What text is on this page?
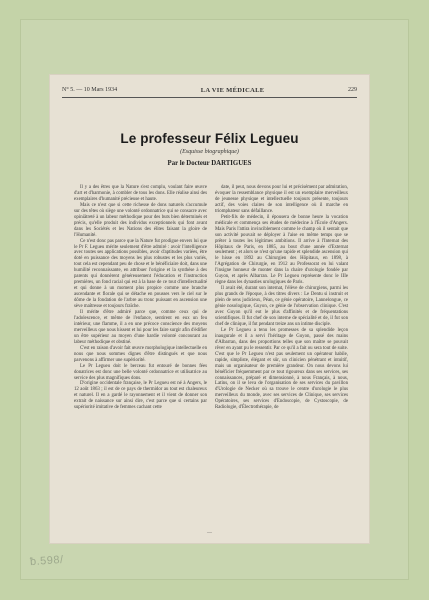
N° 5. — 10 Mars 1934	LA VIE MÉDICALE	229
Le professeur Félix Legueu
(Esquisse biographique)
Par le Docteur DARTIGUES

Il y a des êtres que la Nature s'est complu, voulant faire œuvre d'art et d'harmonie, à combler de tous les dons. Elle réalise ainsi des exemplaires d'humanité précieuse et haute.

Mais ce n'est que si cette richesse de dons naturels s'accumule sur des têtes où siège une volonté ordonnatrice qui se consacre avec opiniâtreté à un labeur méthodique pour des buts bien déterminés et précis, qu'elle produit des individus exceptionnels qui font avant dans les Sociétés et les Nations des élites faisant la gloire de l'Humanité.

Ce n'est donc pas parce que la Nature fut prodigue envers lui que le Pr F. Legueu mérite seulement d'être admiré : avoir l'intelligence avec toutes ses applications possibles, avoir d'aptitudes variées, être doté en puissance des moyens les plus robustes et les plus variés, tout cela est cependant peu de chose et le bénéficiaire doit, dans une humilité reconnaissante, en attribuer l'origine et la synthèse à des parents qui donnèrent généreusement l'éducation et l'instruction premières, un fond racial qui est à la base de ce tout d'intellectualité et qui donne à un moment plus propice comme une branche ascendante et florale qui se détache en pousses vers le ciel sur le dôme de la fondation de l'arbre au tronc puissant en ascension une sève maîtresse et toujours fraîche.

Il mérite d'être admiré parce que, comme ceux qui de l'adolescence, et même de l'enfance, sentirent en eux un feu intérieur, une flamme, il a en une précoce conscience des moyens merveilleux que nous hissent et lui pour les faire surgir afin d'édifier un être supérieur au moyen d'une hardie volonté concourant au labeur méthodique et obstiné.

C'est en raison d'avoir fait œuvre morphologique intellectuelle en nous que nous sommes dignes d'être distingués et que nous parvenons à affirmer une supériorité.

Le Pr Legueu doit le berceau fut entouré de bonnes fées donatrices est donc une belle volonté ordonnatrice et utilisatrice au service des plus magnifiques dons.

D'origine occidentale française, le Pr Legueu est né à Angers, le 12 août 1863 ; il est de ce pays de thermidor au tout est chaleureux et naturel. Il en a gardé le rayonnement et il vient de donner son extrait de naissance sur ainsi dire, c'est parce que si certains par supériorité imitative de femmes cachant cette

date, il peut, nous devons pour lui et précisément par admiration, évoquer la ressemblance physique il est un exemplaire merveilleux de jeunesse physique et intellectuelle toujours présente, toujours actif, des voies claires de son intelligence où il marche en triomphateur sans défaillance.

Petit-fils de médecin, il épousera de bonne heure la vocation médicale et commença ses études de médecine à l'École d'Angers. Mais Paris l'attira invinciblement comme le champ où il sentait que son activité pouvait se déployer à l'aise en même temps que se prêter à toutes les légitimes ambitions. Il arrive à l'Internat des Hôpitaux de Paris, en 1885, au bout d'une année d'Externat seulement ; et alors se n'est qu'une rapide et splendide ascension qui le hisse en 1892 au Chirurgien des Hôpitaux, en 1898, à l'Agrégation de Chirurgie, en 1912 au Professorat en lui valant l'insigne honneur de monter dans la chaire d'urologie fondée par Guyon, et après Albarran. Le Pr Legueu représente donc le IIIe règne dans les dynasties urologiques de Paris.

Il avait été, durant son internat, l'élève de chirurgiens, parmi les plus grands de l'époque, à des titres divers : Le Dentu si instruit et plein de sens judicieux, Péan, ce génie opératoire, Lannelongue, ce génie nosologique, Guyon, ce génie de l'observation clinique. C'est avec Guyon qu'il eut le plus d'affinités et de fréquentations scientifiques. Il fut chef de son interne de spécialité et de, il fut son chef de clinique, il fut pendant treize ans un intime disciple.

Le Pr Legueu a tenu les promesses de sa splendide leçon inaugurale et il a servi l'héritage de Guyon, passé des mains d'Albarran, dans des proportions telles que son maître se pouvait rêver en ayant pu le ressentir. Par ce qu'il a fait ou sera tout de suite. C'est que le Pr Legueu n'est pas seulement un opérateur habile, rapide, simpliste, élégant et sûr, un clinicien pénétrant et intuitif, mais un organisateur de première grandeur. On nous devons lui bénéficier fréquemment par ce tout rigoureux dans ses services, ses connaissances, préparé et dimensionné, à nous Français, à nous, Latins, on il se leva de l'organisation de ses services du pavillon d'Urologie de Necker où sa trouve le centre d'urologie le plus merveilleux du monde, avec ses services de Clinique, ses services Opératoires, ses services d'Endoscopie, de Cystoscopie, de Radiologie, d'Électrothérapie, de

—
ƀ.598/
